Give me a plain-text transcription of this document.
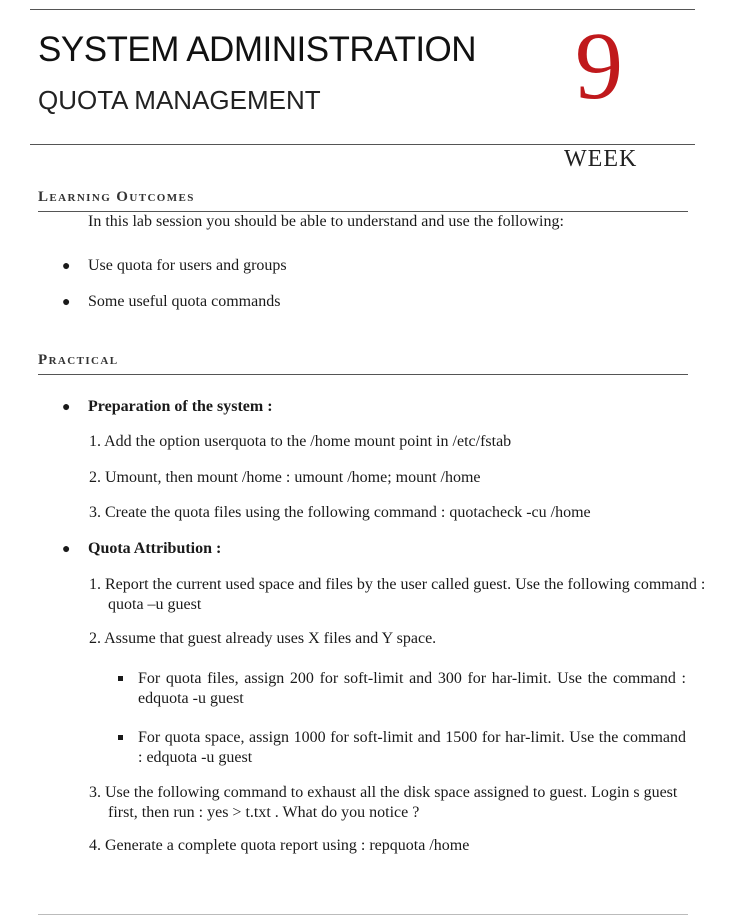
SYSTEM ADMINISTRATION
QUOTA MANAGEMENT	9
WEEK
Learning Outcomes
In this lab session you should be able to understand and use the following:
● Use quota for users and groups
● Some useful quota commands
Practical
● Preparation of the system :
1. Add the option userquota to the /home mount point in /etc/fstab
2. Umount, then mount /home : umount /home; mount /home
3. Create the quota files using the following command : quotacheck -cu /home
● Quota Attribution :
1. Report the current used space and files by the user called guest. Use the following command : quota –u guest
2. Assume that guest already uses X files and Y space.
For quota files, assign 200 for soft-limit and 300 for har-limit. Use the command : edquota -u guest
For quota space, assign 1000 for soft-limit and 1500 for har-limit. Use the command : edquota -u guest
3. Use the following command to exhaust all the disk space assigned to guest. Login s guest first, then run : yes > t.txt . What do you notice ?
4. Generate a complete quota report using : repquota /home
